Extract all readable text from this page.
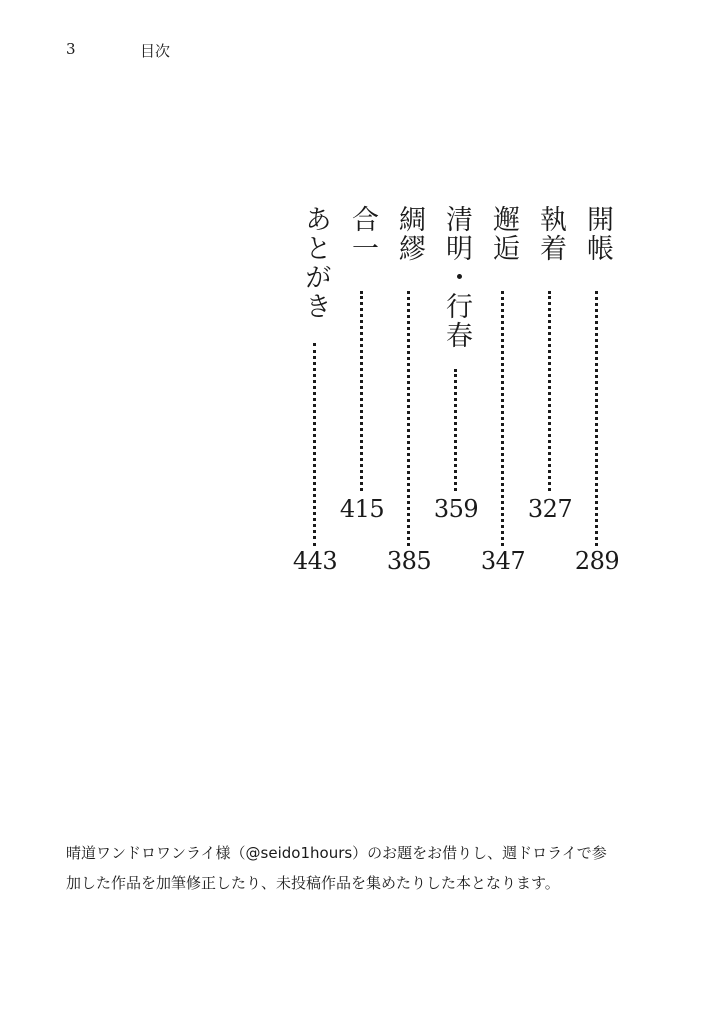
3	目次
開帳
289
執着
327
邂逅
347
清明・行春
359
綢繆
385
合一
415
あとがき
443

晴道ワンドロワンライ様（@seido1hours）のお題をお借りし、週ドロライで参

加した作品を加筆修正したり、未投稿作品を集めたりした本となります。
